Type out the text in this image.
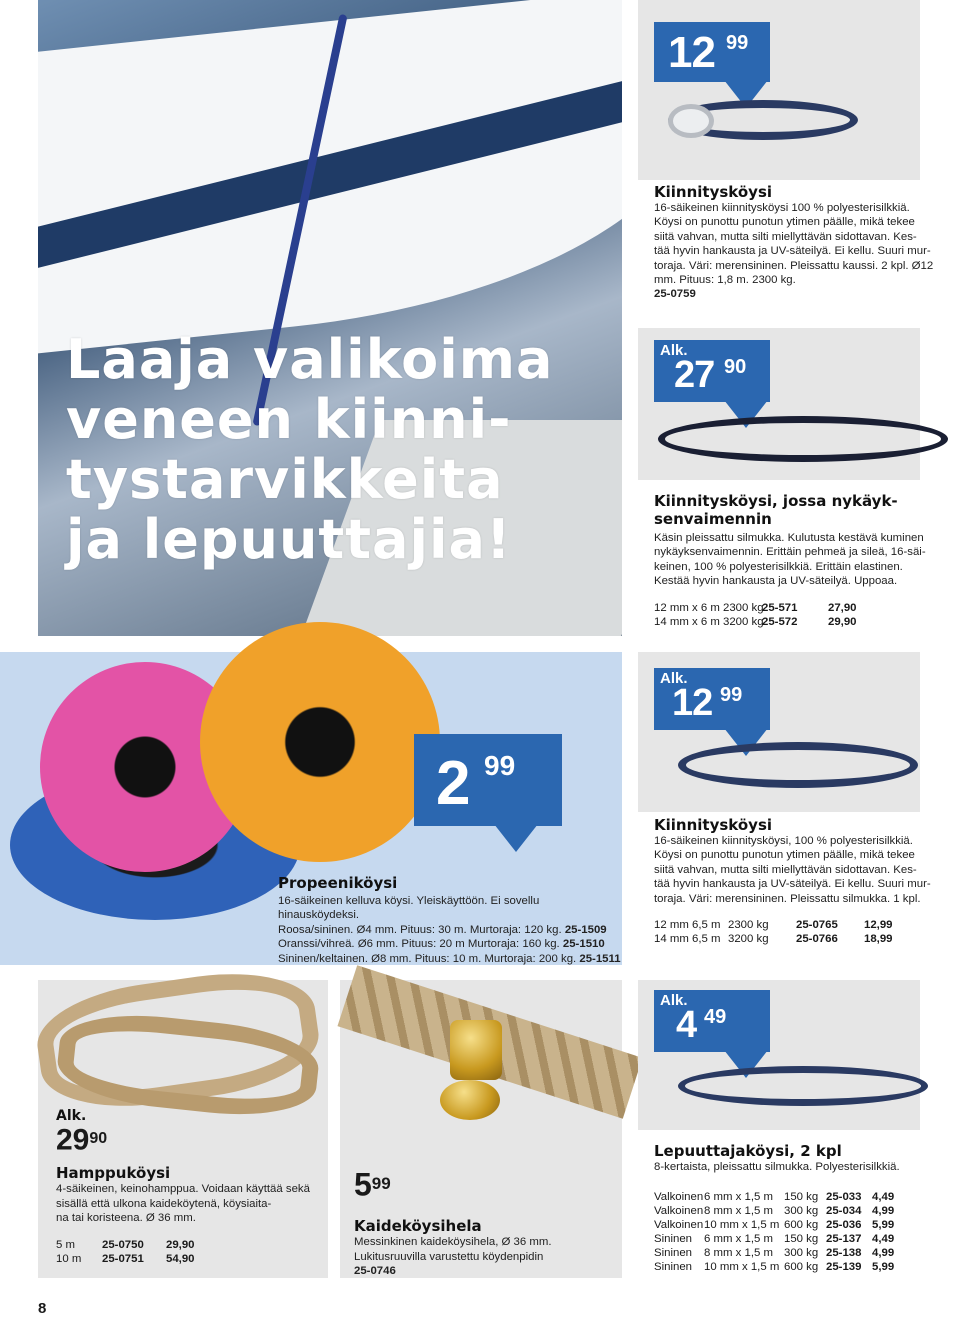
Laaja valikoima
veneen kiinni-
tystarvikkeita
ja lepuuttajia!
12 99
Kiinnitysköysi
16-säikeinen kiinnitysköysi 100 % polyesterisilkkiä.
Köysi on punottu punotun ytimen päälle, mikä tekee
siitä vahvan, mutta silti miellyttävän sidottavan. Kes-
tää hyvin hankausta ja UV-säteilyä. Ei kellu. Suuri mur-
toraja. Väri: merensininen. Pleissattu kaussi. 2 kpl. Ø12
mm. Pituus: 1,8 m. 2300 kg.
25-0759
Alk.
27 90
Kiinnitysköysi, jossa nykäyk-
senvaimennin
Käsin pleissattu silmukka. Kulutusta kestävä kuminen
nykäyksenvaimennin. Erittäin pehmeä ja sileä, 16-säi-
keinen, 100 % polyesterisilkkiä. Erittäin elastinen.
Kestää hyvin hankausta ja UV-säteilyä. Uppoaa.
12 mm x 6 m 2300 kg25-571	27,90
14 mm x 6 m 3200 kg25-572	29,90
2 99
Propeeniköysi
16-säikeinen kelluva köysi. Yleiskäyttöön. Ei sovellu hinausköydeksi.
Roosa/sininen. Ø4 mm. Pituus: 30 m. Murtoraja: 120 kg. 25-1509
Oranssi/vihreä. Ø6 mm. Pituus: 20 m Murtoraja: 160 kg. 25-1510
Sininen/keltainen. Ø8 mm. Pituus: 10 m. Murtoraja: 200 kg. 25-1511
Alk.
12 99
Kiinnitysköysi
16-säikeinen kiinnitysköysi, 100 % polyesterisilkkiä.
Köysi on punottu punotun ytimen päälle, mikä tekee
siitä vahvan, mutta silti miellyttävän sidottavan. Kes-
tää hyvin hankausta ja UV-säteilyä. Ei kellu. Suuri mur-
toraja. Väri: merensininen. Pleissattu silmukka. 1 kpl.
12 mm 6,5 m 2300 kg 25-0765 12,99
14 mm 6,5 m 3200 kg 25-0766 18,99
Alk.
$29^{90}$
Hamppuköysi
4-säikeinen, keinohamppua. Voidaan käyttää sekä
sisällä että ulkona kaideköytenä, köysiaita-
na tai koristeena. Ø 36 mm.
5 m 25-0750 29,90
10 m 25-0751 54,90
$5^{99}$
Kaideköysihela
Messinkinen kaideköysihela, Ø 36 mm.
Lukitusruuvilla varustettu köydenpidin
25-0746
Alk.
4 49
Lepuuttajaköysi, 2 kpl
8-kertaista, pleissattu silmukka. Polyesterisilkkiä.
Valkoinen6 mm x 1,5 m 150 kg 25-033 4,49
Valkoinen8 mm x 1,5 m 300 kg 25-034 4,99
Valkoinen10 mm x 1,5 m 600 kg 25-036 5,99
Sininen 6 mm x 1,5 m 150 kg 25-137 4,49
Sininen 8 mm x 1,5 m 300 kg 25-138 4,99
Sininen 10 mm x 1,5 m 600 kg 25-139 5,99
8
